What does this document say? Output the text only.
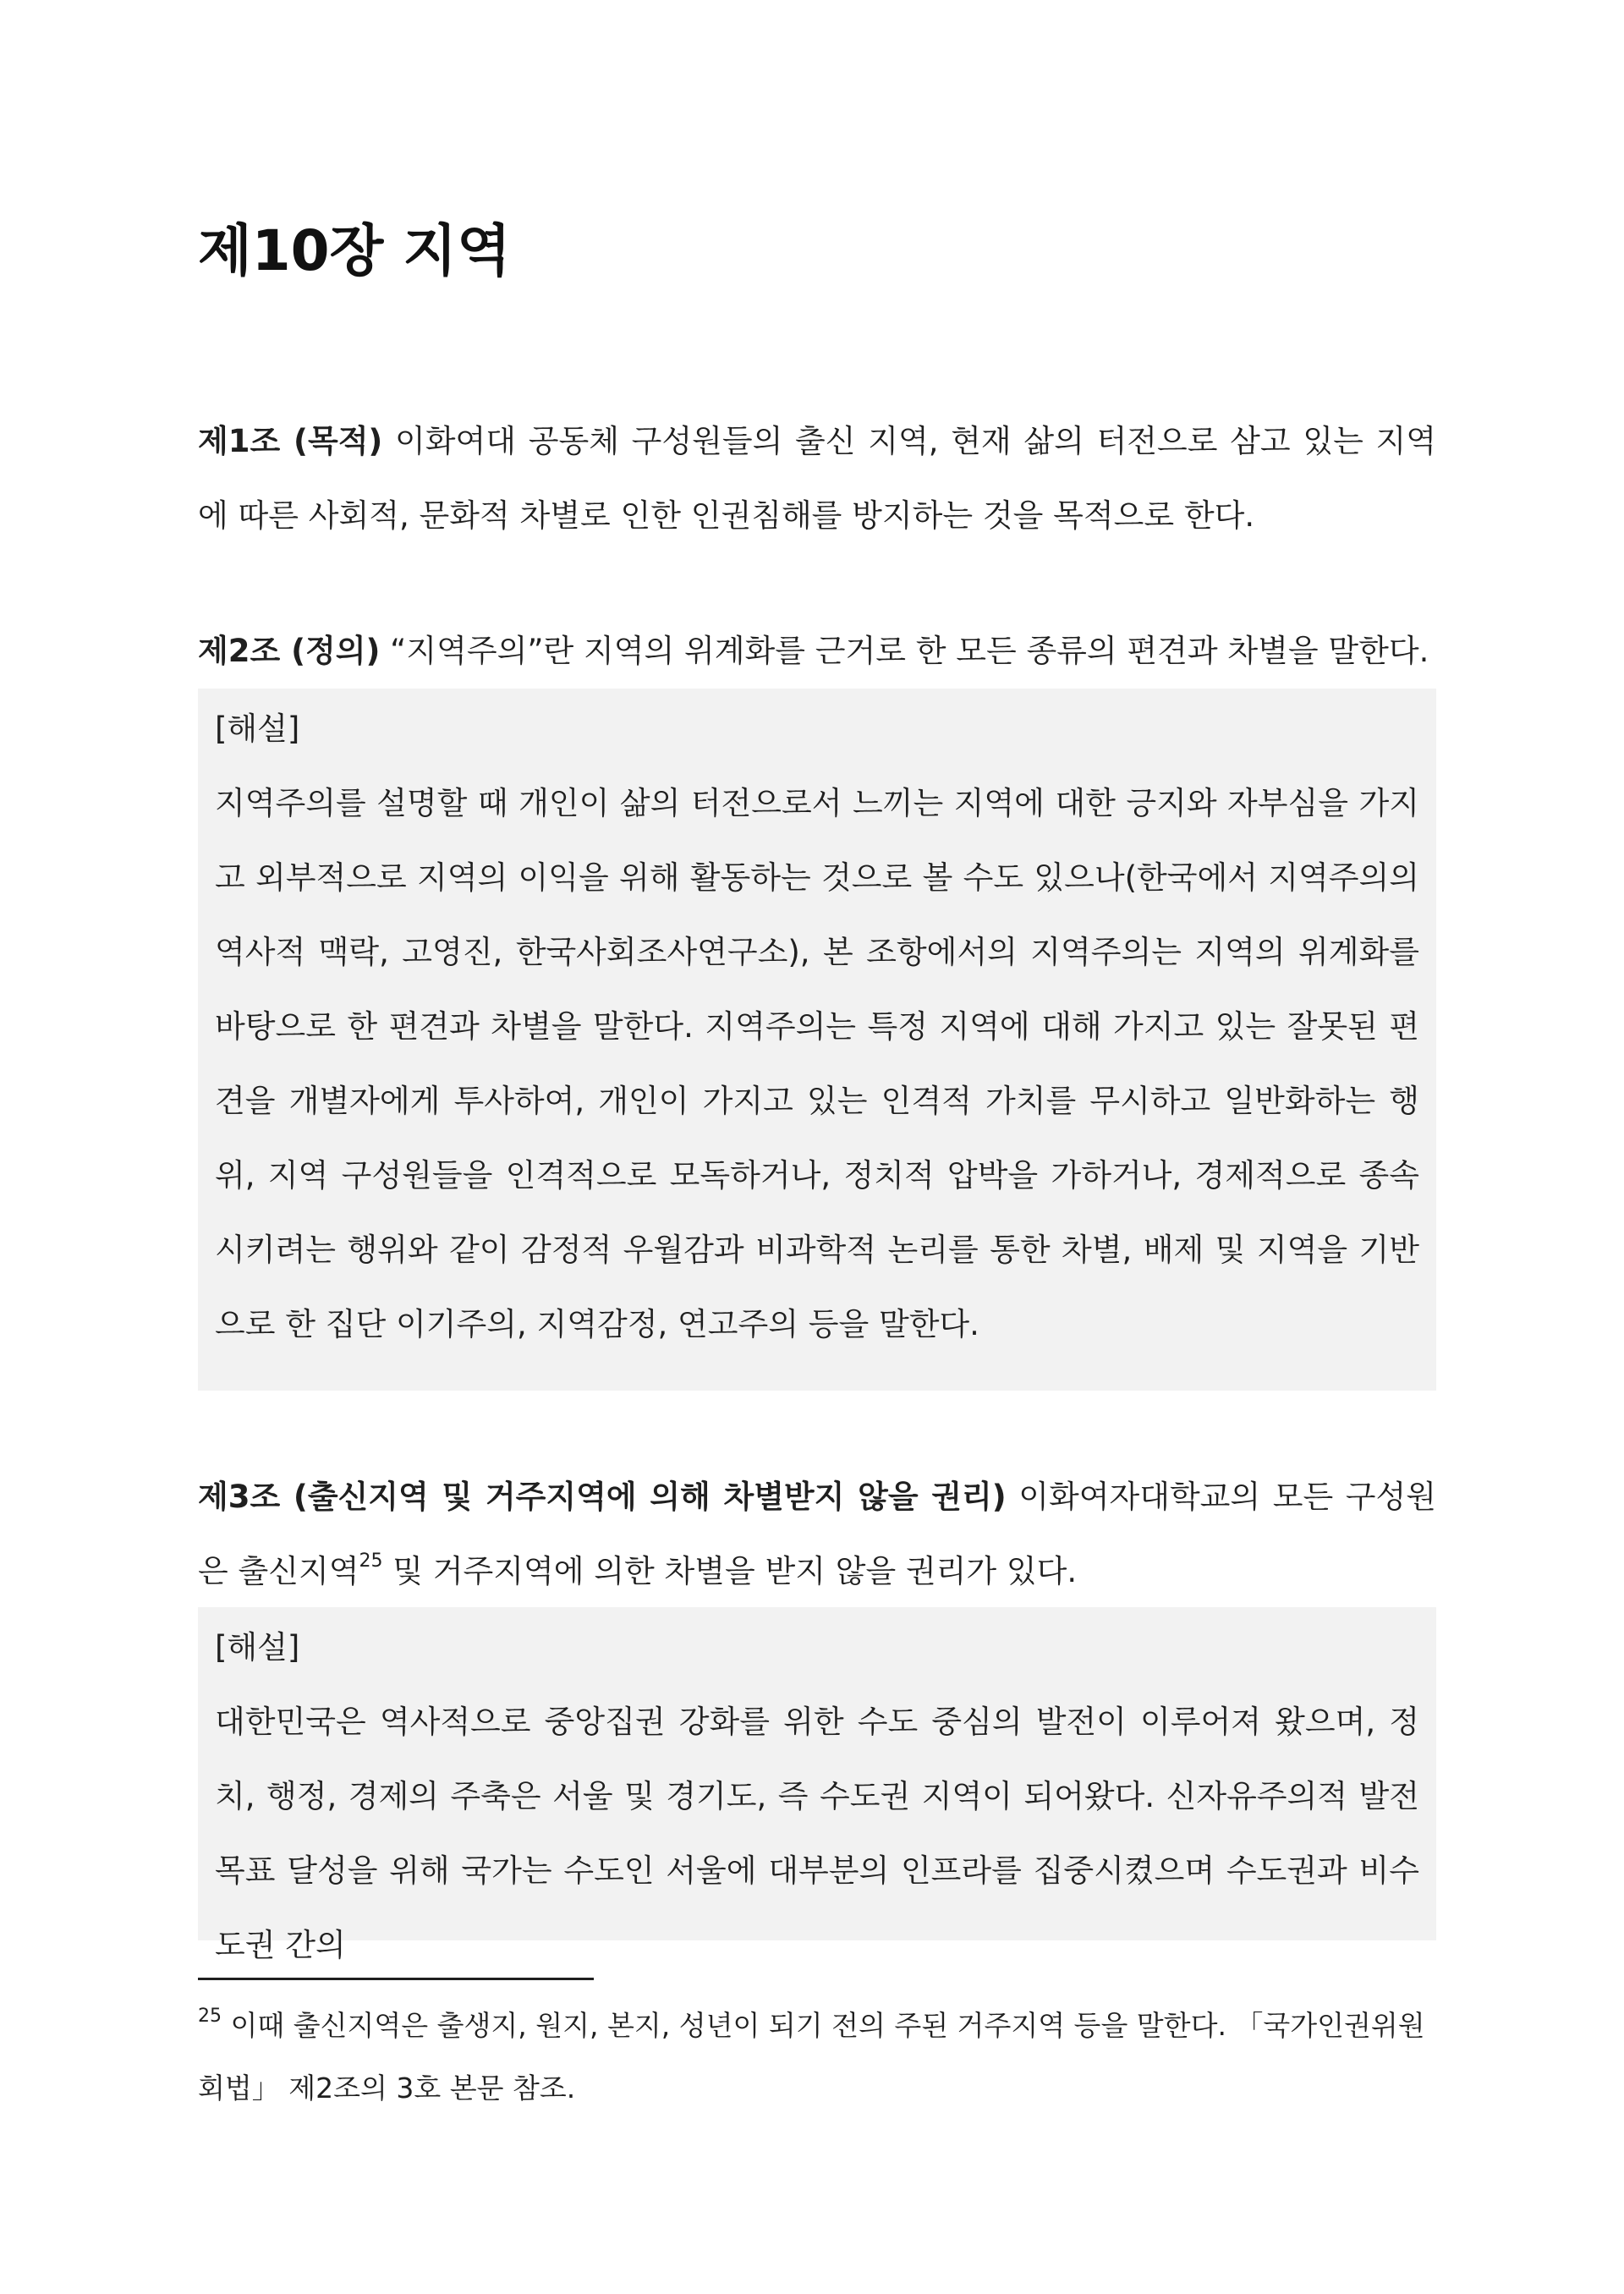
제10장 지역

제1조 (목적) 이화여대 공동체 구성원들의 출신 지역, 현재 삶의 터전으로 삼고 있는 지역에 따른 사회적, 문화적 차별로 인한 인권침해를 방지하는 것을 목적으로 한다.

제2조 (정의) “지역주의”란 지역의 위계화를 근거로 한 모든 종류의 편견과 차별을 말한다.

[해설]

지역주의를 설명할 때 개인이 삶의 터전으로서 느끼는 지역에 대한 긍지와 자부심을 가지고 외부적으로 지역의 이익을 위해 활동하는 것으로 볼 수도 있으나(한국에서 지역주의의 역사적 맥락, 고영진, 한국사회조사연구소), 본 조항에서의 지역주의는 지역의 위계화를 바탕으로 한 편견과 차별을 말한다. 지역주의는 특정 지역에 대해 가지고 있는 잘못된 편견을 개별자에게 투사하여, 개인이 가지고 있는 인격적 가치를 무시하고 일반화하는 행위, 지역 구성원들을 인격적으로 모독하거나, 정치적 압박을 가하거나, 경제적으로 종속시키려는 행위와 같이 감정적 우월감과 비과학적 논리를 통한 차별, 배제 및 지역을 기반으로 한 집단 이기주의, 지역감정, 연고주의 등을 말한다.

제3조 (출신지역 및 거주지역에 의해 차별받지 않을 권리) 이화여자대학교의 모든 구성원은 출신지역$^{25}$ 및 거주지역에 의한 차별을 받지 않을 권리가 있다.

[해설]

대한민국은 역사적으로 중앙집권 강화를 위한 수도 중심의 발전이 이루어져 왔으며, 정치, 행정, 경제의 주축은 서울 및 경기도, 즉 수도권 지역이 되어왔다. 신자유주의적 발전 목표 달성을 위해 국가는 수도인 서울에 대부분의 인프라를 집중시켰으며 수도권과 비수도권 간의

$^{25}$ 이때 출신지역은 출생지, 원지, 본지, 성년이 되기 전의 주된 거주지역 등을 말한다. 「국가인권위원회법」 제2조의 3호 본문 참조.
